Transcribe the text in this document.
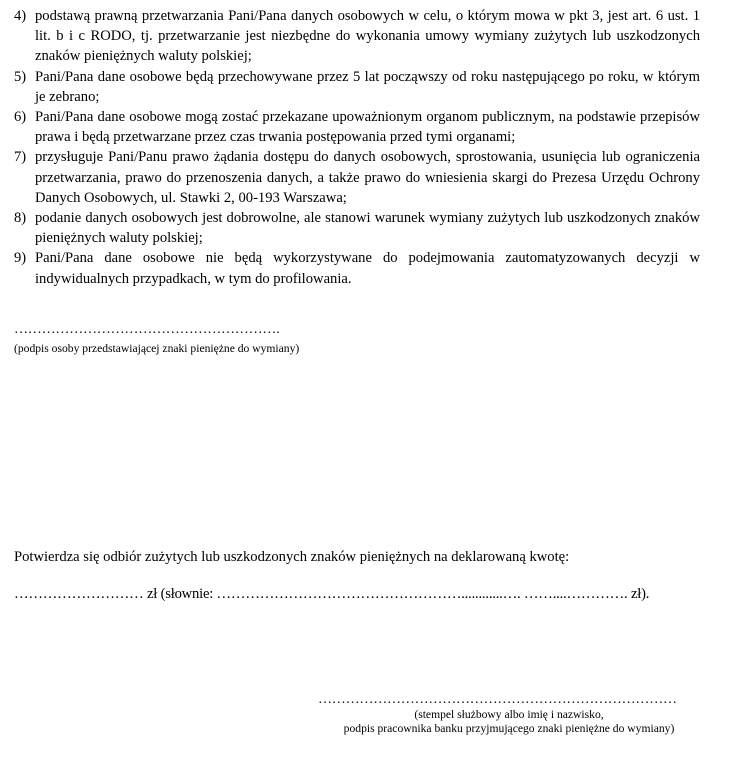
4) podstawą prawną przetwarzania Pani/Pana danych osobowych w celu, o którym mowa w pkt 3, jest art. 6 ust. 1 lit. b i c RODO, tj. przetwarzanie jest niezbędne do wykonania umowy wymiany zużytych lub uszkodzonych znaków pieniężnych waluty polskiej;
5) Pani/Pana dane osobowe będą przechowywane przez 5 lat począwszy od roku następującego po roku, w którym je zebrano;
6) Pani/Pana dane osobowe mogą zostać przekazane upoważnionym organom publicznym, na podstawie przepisów prawa i będą przetwarzane przez czas trwania postępowania przed tymi organami;
7) przysługuje Pani/Panu prawo żądania dostępu do danych osobowych, sprostowania, usunięcia lub ograniczenia przetwarzania, prawo do przenoszenia danych, a także prawo do wniesienia skargi do Prezesa Urzędu Ochrony Danych Osobowych, ul. Stawki 2, 00-193 Warszawa;
8) podanie danych osobowych jest dobrowolne, ale stanowi warunek wymiany zużytych lub uszkodzonych znaków pieniężnych waluty polskiej;
9) Pani/Pana dane osobowe nie będą wykorzystywane do podejmowania zautomatyzowanych decyzji w indywidualnych przypadkach, w tym do profilowania.
………………………………………………….
(podpis osoby przedstawiającej znaki pieniężne do wymiany)
Potwierdza się odbiór zużytych lub uszkodzonych znaków pieniężnych na deklarowaną kwotę:
……………………… zł (słownie: ……………………………………………............…. ……....…………. zł).
……………………………………………………………………
(stempel służbowy albo imię i nazwisko,
podpis pracownika banku przyjmującego znaki pieniężne do wymiany)
